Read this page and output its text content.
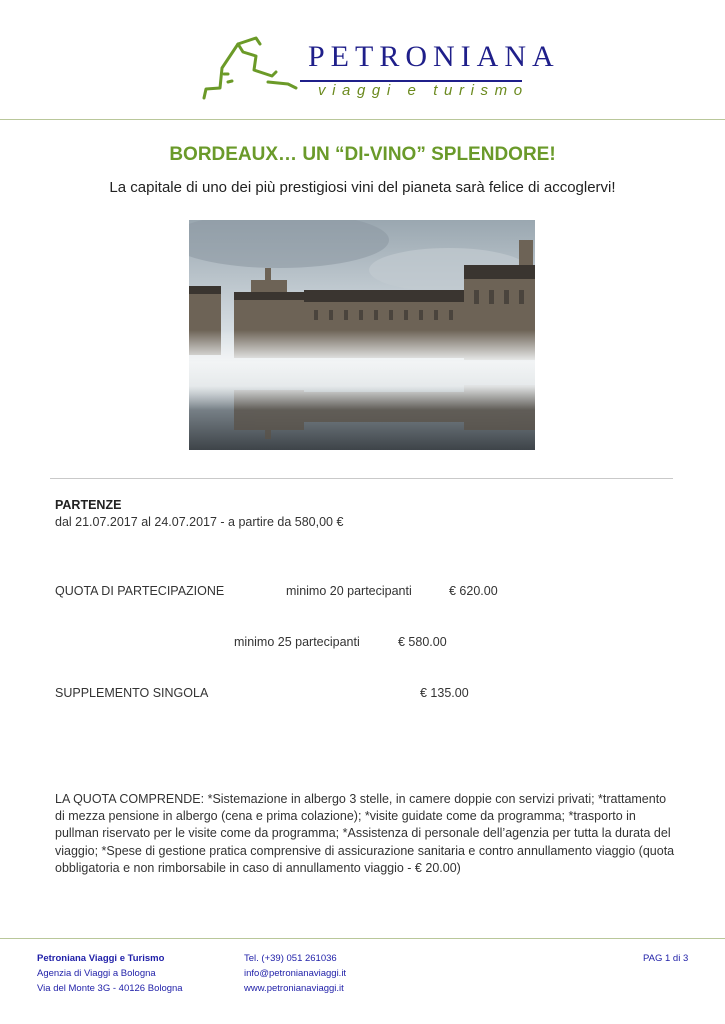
PETRONIANA
viaggi e turismo
BORDEAUX… UN “DI-VINO” SPLENDORE!
La capitale di uno dei più prestigiosi vini del pianeta sarà felice di accoglervi!
PARTENZE
dal 21.07.2017 al 24.07.2017 - a partire da 580,00 €
QUOTA DI PARTECIPAZIONE	minimo 20 partecipanti	€ 620.00
minimo 25 partecipanti	€ 580.00
SUPPLEMENTO SINGOLA	€ 135.00
LA QUOTA COMPRENDE: *Sistemazione in albergo 3 stelle, in camere doppie con servizi privati; *trattamento di mezza pensione in albergo (cena e prima colazione); *visite guidate come da programma; *trasporto in pullman riservato per le visite come da programma; *Assistenza di personale dell’agenzia per tutta la durata del viaggio; *Spese di gestione pratica comprensive di assicurazione sanitaria e contro annullamento viaggio (quota obbligatoria e non rimborsabile in caso di annullamento viaggio - € 20.00)
Petroniana Viaggi e Turismo
Agenzia di Viaggi a Bologna
Via del Monte 3G - 40126 Bologna
Tel. (+39) 051 261036
info@petronianaviaggi.it
www.petronianaviaggi.it
PAG 1 di 3
